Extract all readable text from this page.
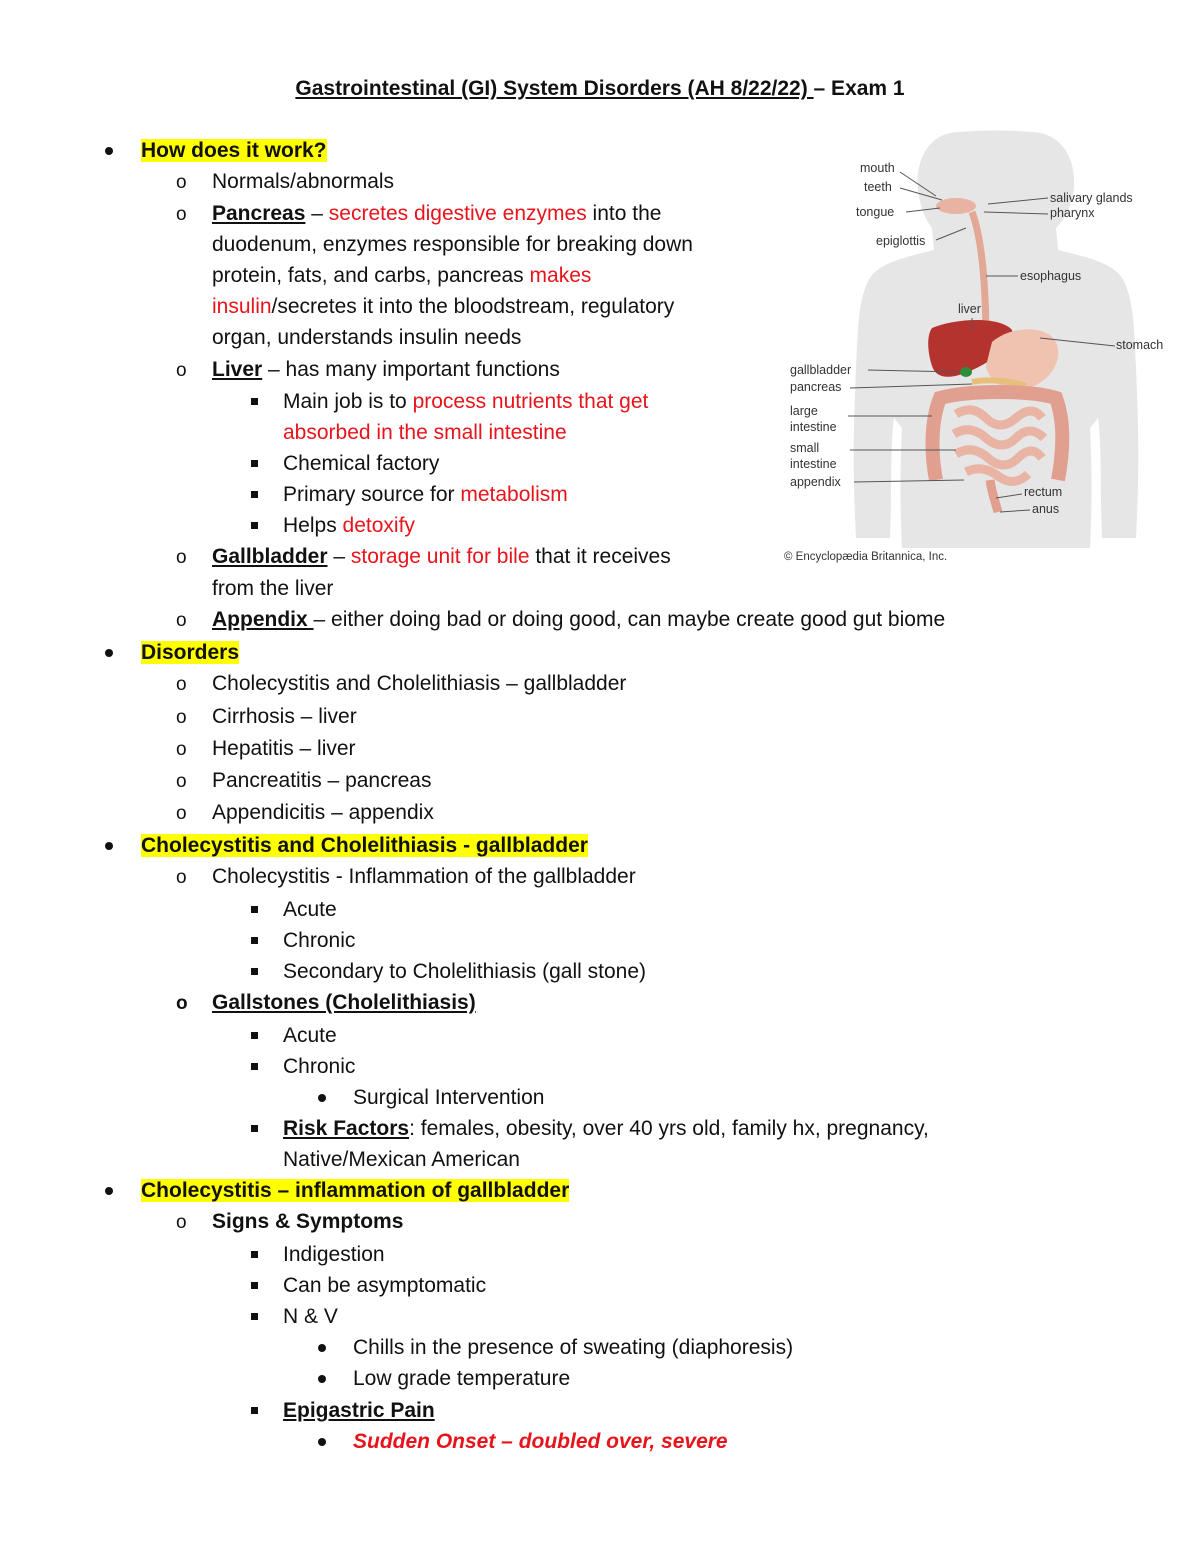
Gastrointestinal (GI) System Disorders (AH 8/22/22) – Exam 1
How does it work?
o Normals/abnormals
o Pancreas – secretes digestive enzymes into the
duodenum, enzymes responsible for breaking down
protein, fats, and carbs, pancreas makes
insulin/secretes it into the bloodstream, regulatory
organ, understands insulin needs
o Liver – has many important functions
Main job is to process nutrients that get
absorbed in the small intestine
Chemical factory
Primary source for metabolism
Helps detoxify
o Gallbladder – storage unit for bile that it receives
from the liver
o Appendix – either doing bad or doing good, can maybe create good gut biome
Disorders
o Cholecystitis and Cholelithiasis – gallbladder
o Cirrhosis – liver
o Hepatitis – liver
o Pancreatitis – pancreas
o Appendicitis – appendix
Cholecystitis and Cholelithiasis - gallbladder
o Cholecystitis - Inflammation of the gallbladder
Acute
Chronic
Secondary to Cholelithiasis (gall stone)
o Gallstones (Cholelithiasis)
Acute
Chronic
Surgical Intervention
Risk Factors: females, obesity, over 40 yrs old, family hx, pregnancy,
Native/Mexican American
Cholecystitis – inflammation of gallbladder
o Signs & Symptoms
Indigestion
Can be asymptomatic
N & V
Chills in the presence of sweating (diaphoresis)
Low grade temperature
Epigastric Pain
Sudden Onset – doubled over, severe
mouth
teeth
tongue
epiglottis
salivary glands
pharynx
esophagus
liver
stomach
gallbladder
pancreas
large
intestine
small
intestine
appendix
rectum
anus
© Encyclopædia Britannica, Inc.
